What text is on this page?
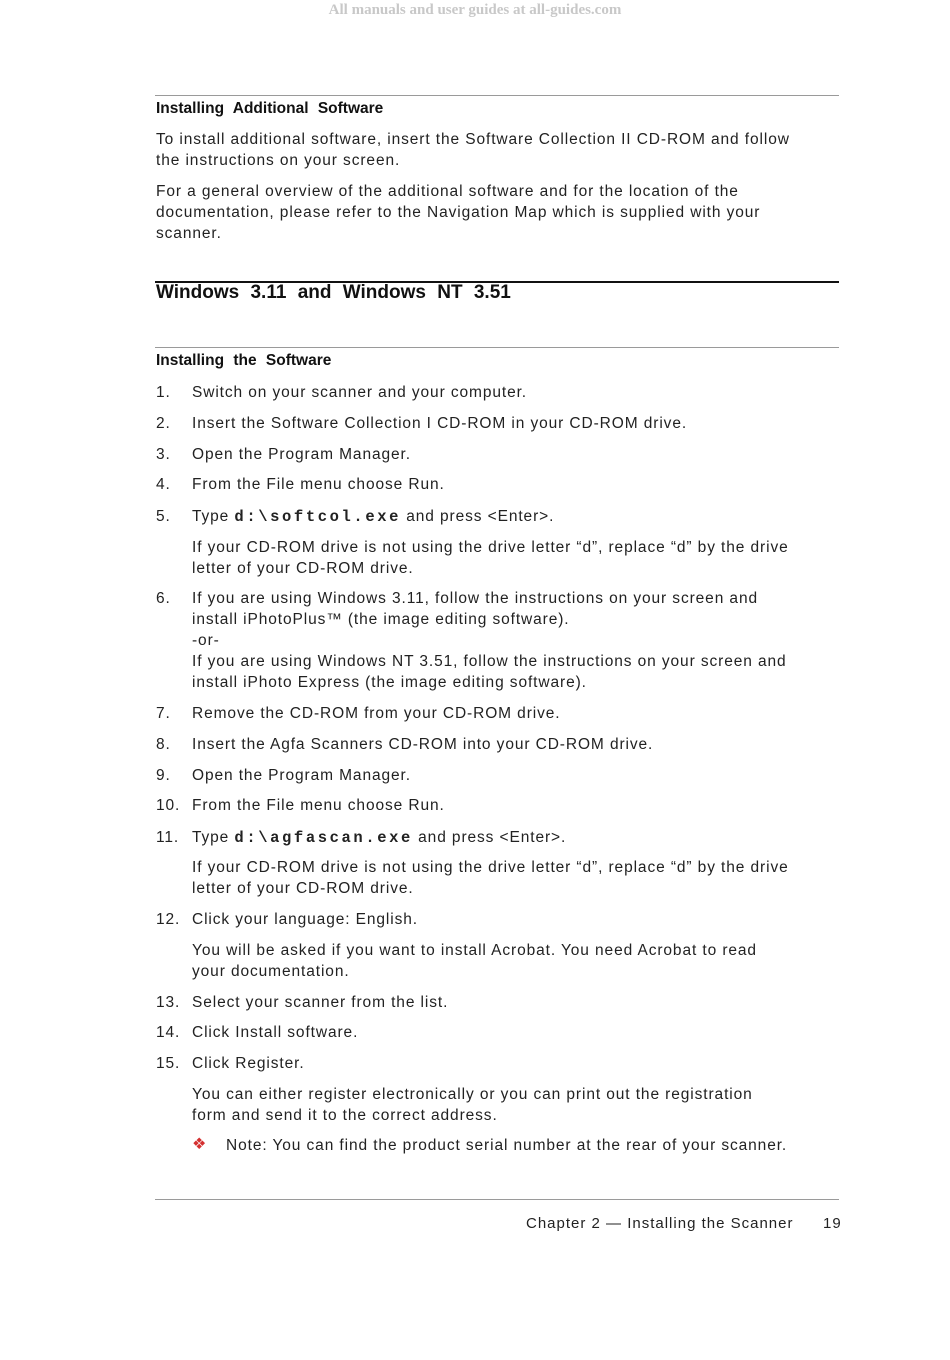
All manuals and user guides at all-guides.com
Installing Additional Software
To install additional software, insert the Software Collection II CD-ROM and follow
the instructions on your screen.
For a general overview of the additional software and for the location of the
documentation, please refer to the Navigation Map which is supplied with your
scanner.
Windows 3.11 and Windows NT 3.51
Installing the Software
1. Switch on your scanner and your computer.
2. Insert the Software Collection I CD-ROM in your CD-ROM drive.
3. Open the Program Manager.
4. From the File menu choose Run.
5. Type d:\softcol.exe and press <Enter>.
If your CD-ROM drive is not using the drive letter “d”, replace “d” by the drive
letter of your CD-ROM drive.
6. If you are using Windows 3.11, follow the instructions on your screen and
install iPhotoPlus™ (the image editing software).
-or-
If you are using Windows NT 3.51, follow the instructions on your screen and
install iPhoto Express (the image editing software).
7. Remove the CD-ROM from your CD-ROM drive.
8. Insert the Agfa Scanners CD-ROM into your CD-ROM drive.
9. Open the Program Manager.
10. From the File menu choose Run.
11. Type d:\agfascan.exe and press <Enter>.
If your CD-ROM drive is not using the drive letter “d”, replace “d” by the drive
letter of your CD-ROM drive.
12. Click your language: English.
You will be asked if you want to install Acrobat. You need Acrobat to read
your documentation.
13. Select your scanner from the list.
14. Click Install software.
15. Click Register.
You can either register electronically or you can print out the registration
form and send it to the correct address.
❖ Note: You can find the product serial number at the rear of your scanner.
Chapter 2 — Installing the Scanner 19
